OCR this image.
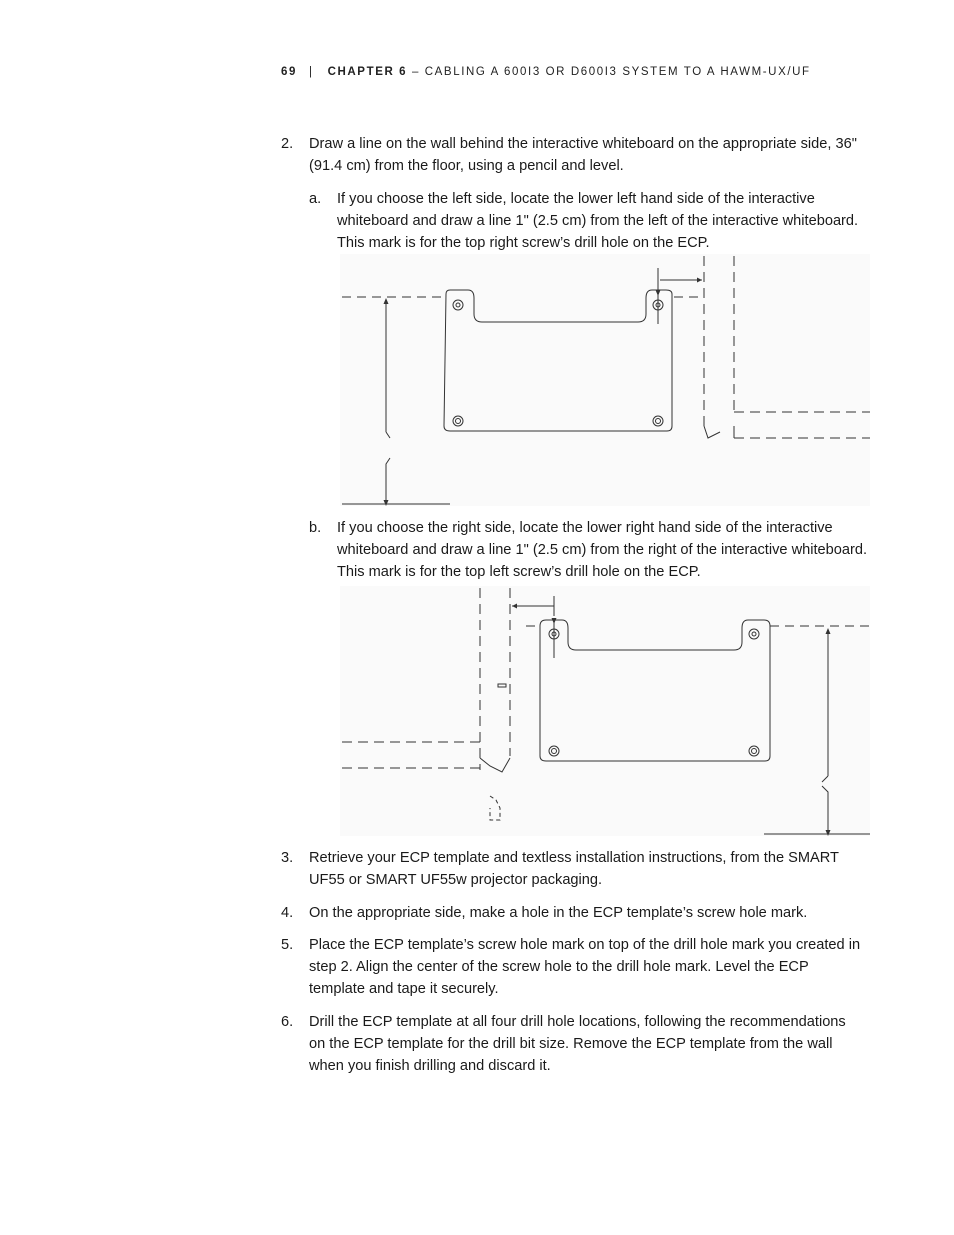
69 | CHAPTER 6 – CABLING A 600I3 OR D600I3 SYSTEM TO A HAWM-UX/UF
2. Draw a line on the wall behind the interactive whiteboard on the appropriate side, 36" (91.4 cm) from the floor, using a pencil and level.
a. If you choose the left side, locate the lower left hand side of the interactive whiteboard and draw a line 1" (2.5 cm) from the left of the interactive whiteboard. This mark is for the top right screw’s drill hole on the ECP.
b. If you choose the right side, locate the lower right hand side of the interactive whiteboard and draw a line 1" (2.5 cm) from the right of the interactive whiteboard. This mark is for the top left screw’s drill hole on the ECP.
3. Retrieve your ECP template and textless installation instructions, from the SMART UF55 or SMART UF55w projector packaging.
4. On the appropriate side, make a hole in the ECP template’s screw hole mark.
5. Place the ECP template’s screw hole mark on top of the drill hole mark you created in step 2. Align the center of the screw hole to the drill hole mark. Level the ECP template and tape it securely.
6. Drill the ECP template at all four drill hole locations, following the recommendations on the ECP template for the drill bit size. Remove the ECP template from the wall when you finish drilling and discard it.
